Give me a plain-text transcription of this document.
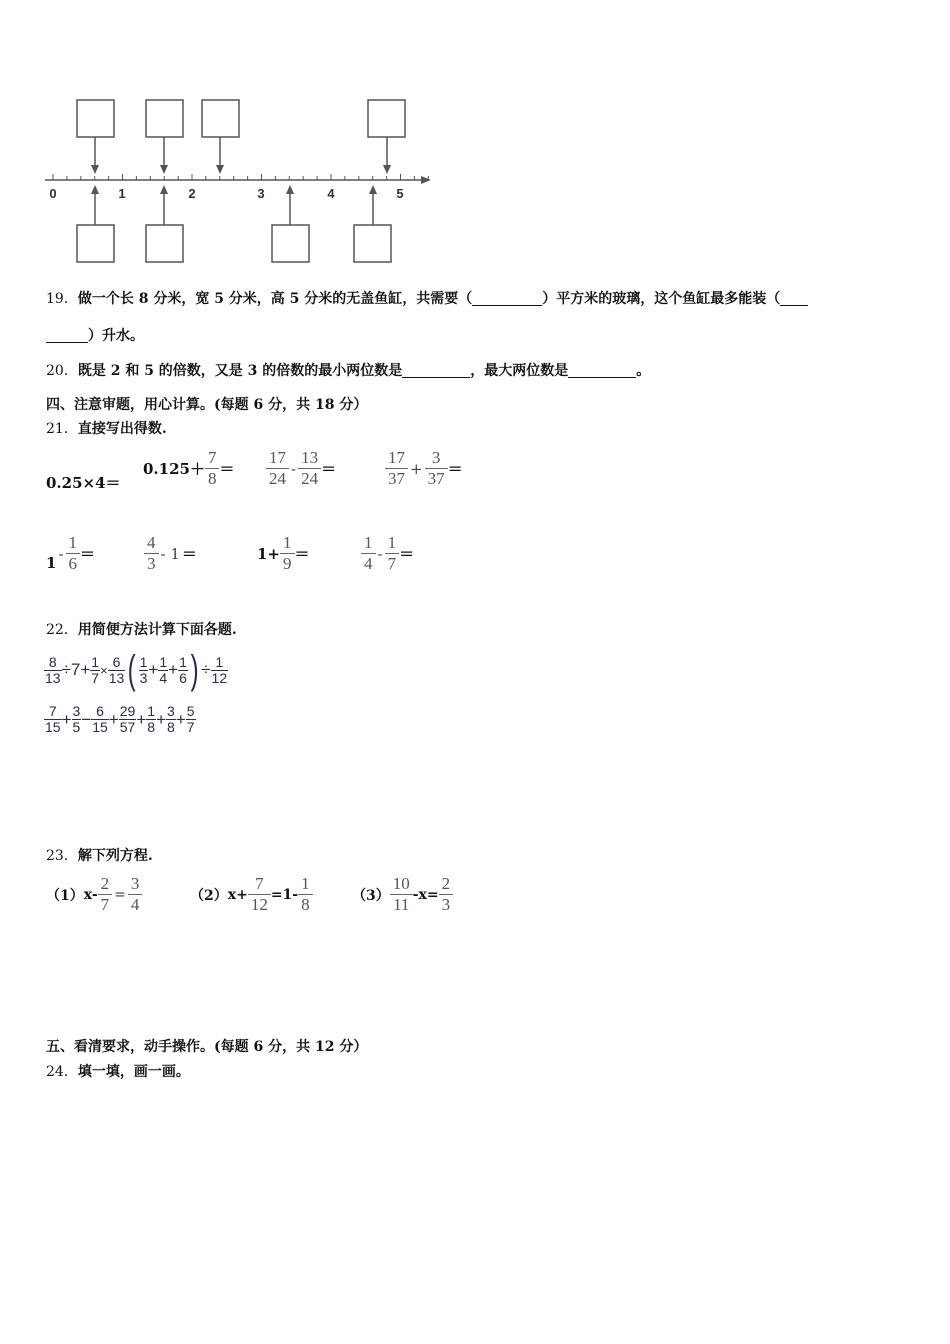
0	1	2	3	4	5
19．做一个长 8 分米，宽 5 分米，高 5 分米的无盖鱼缸，共需要（	）平方米的玻璃，这个鱼缸最多能装（
）升水。
20．既是 2 和 5 的倍数，又是 3 的倍数的最小两位数是	，最大两位数是	。
四、注意审题，用心计算。(每题 6 分，共 18 分）
21．直接写出得数.
0.25×4＝
$0.125+ \frac{7}{8} = \frac{17}{24} - \frac{13}{24}$ ＝	$\frac{17}{37} + \frac{3}{37}$ ＝
$1 - \frac{1}{6}$ ＝	$\frac{4}{3} - 1$ ＝	$1+ \frac{1}{9}$ ＝	$\frac{1}{4} - \frac{1}{7}$ ＝
22．用简便方法计算下面各题.
$\frac{8}{13} \div 7+ \frac{1}{7} \times \frac{6}{13}$ ( 1
$3 + \frac{1}{4} + \frac{1}{6}$ ) ÷ $\frac{1}{12}$
7
$15 + \frac{3}{5} - \frac{6}{15} + \frac{29}{57} + \frac{1}{8} + \frac{3}{8} + \frac{5}{7}$
23．解下列方程.
（1） $x- \frac{2}{7} = \frac{3}{4}$	（2） $x+ \frac{7}{12} =1- \frac{1}{8}$	$(3) \frac{10}{11} -x= \frac{2}{3}$
五、看清要求，动手操作。(每题 6 分，共 12 分）
24．填一填，画一画。
